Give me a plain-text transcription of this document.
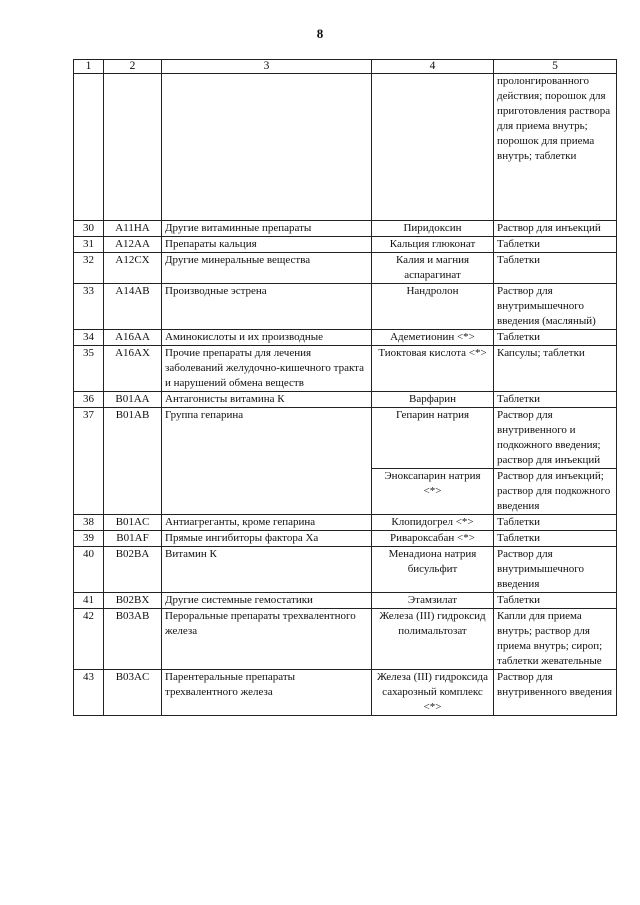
8
1	2	3	4	5
				пролонгированного действия; порошок для приготовления раствора для приема внутрь; порошок для приема внутрь; таблетки
30	A11HA	Другие витаминные препараты	Пиридоксин	Раствор для инъекций
31	A12AA	Препараты кальция	Кальция глюконат	Таблетки
32	A12CX	Другие минеральные вещества	Калия и магния аспарагинат	Таблетки
33	A14AB	Производные эстрена	Нандролон	Раствор для внутримышечного введения (масляный)
34	A16AA	Аминокислоты и их производные	Адеметионин <*>	Таблетки
35	A16AX	Прочие препараты для лечения заболеваний желудочно-кишечного тракта и нарушений обмена веществ	Тиоктовая кислота <*>	Капсулы; таблетки
36	B01AA	Антагонисты витамина К	Варфарин	Таблетки
37	B01AB	Группа гепарина	Гепарин натрия	Раствор для внутривенного и подкожного введения; раствор для инъекций
			Эноксапарин натрия <*>	Раствор для инъекций; раствор для подкожного введения
38	B01AC	Антиагреганты, кроме гепарина	Клопидогрел <*>	Таблетки
39	B01AF	Прямые ингибиторы фактора Xa	Ривароксабан <*>	Таблетки
40	B02BA	Витамин К	Менадиона натрия бисульфит	Раствор для внутримышечного введения
41	B02BX	Другие системные гемостатики	Этамзилат	Таблетки
42	B03AB	Пероральные препараты трехвалентного железа	Железа (III) гидроксид полимальтозат	Капли для приема внутрь; раствор для приема внутрь; сироп; таблетки жевательные
43	B03AC	Парентеральные препараты трехвалентного железа	Железа (III) гидроксида сахарозный комплекс <*>	Раствор для внутривенного введения
